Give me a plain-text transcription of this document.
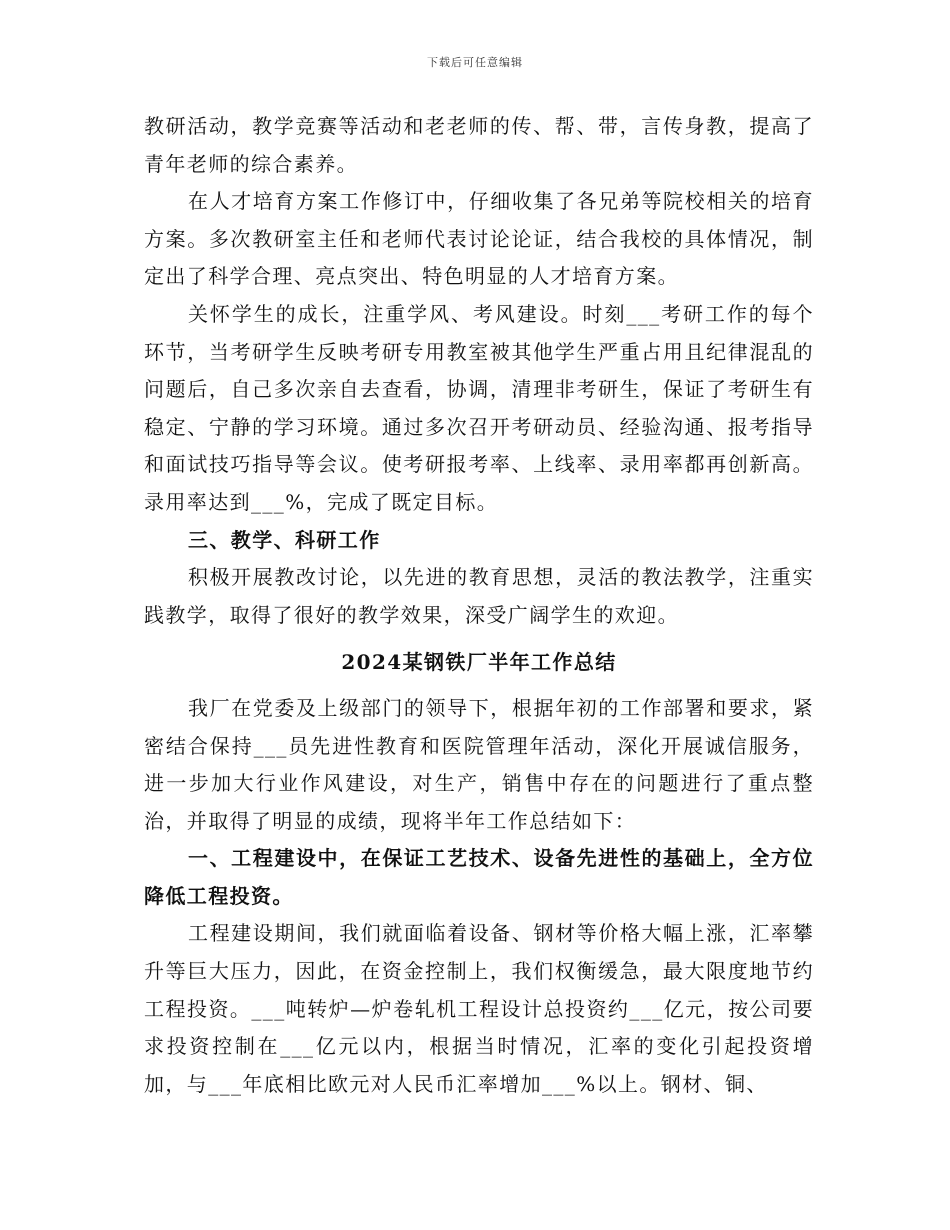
下载后可任意编辑

教研活动，教学竞赛等活动和老老师的传、帮、带，言传身教，提高了青年老师的综合素养。

在人才培育方案工作修订中，仔细收集了各兄弟等院校相关的培育方案。多次教研室主任和老师代表讨论论证，结合我校的具体情况，制定出了科学合理、亮点突出、特色明显的人才培育方案。

关怀学生的成长，注重学风、考风建设。时刻___考研工作的每个环节，当考研学生反映考研专用教室被其他学生严重占用且纪律混乱的问题后，自己多次亲自去查看，协调，清理非考研生，保证了考研生有稳定、宁静的学习环境。通过多次召开考研动员、经验沟通、报考指导和面试技巧指导等会议。使考研报考率、上线率、录用率都再创新高。录用率达到___%，完成了既定目标。

三、教学、科研工作

积极开展教改讨论，以先进的教育思想，灵活的教法教学，注重实践教学，取得了很好的教学效果，深受广阔学生的欢迎。

2024某钢铁厂半年工作总结

我厂在党委及上级部门的领导下，根据年初的工作部署和要求，紧密结合保持___员先进性教育和医院管理年活动，深化开展诚信服务，进一步加大行业作风建设，对生产，销售中存在的问题进行了重点整治，并取得了明显的成绩，现将半年工作总结如下：

一、工程建设中，在保证工艺技术、设备先进性的基础上，全方位降低工程投资。

工程建设期间，我们就面临着设备、钢材等价格大幅上涨，汇率攀升等巨大压力，因此，在资金控制上，我们权衡缓急，最大限度地节约工程投资。___吨转炉—炉卷轧机工程设计总投资约___亿元，按公司要求投资控制在___亿元以内，根据当时情况，汇率的变化引起投资增加，与___年底相比欧元对人民币汇率增加___%以上。钢材、铜、
